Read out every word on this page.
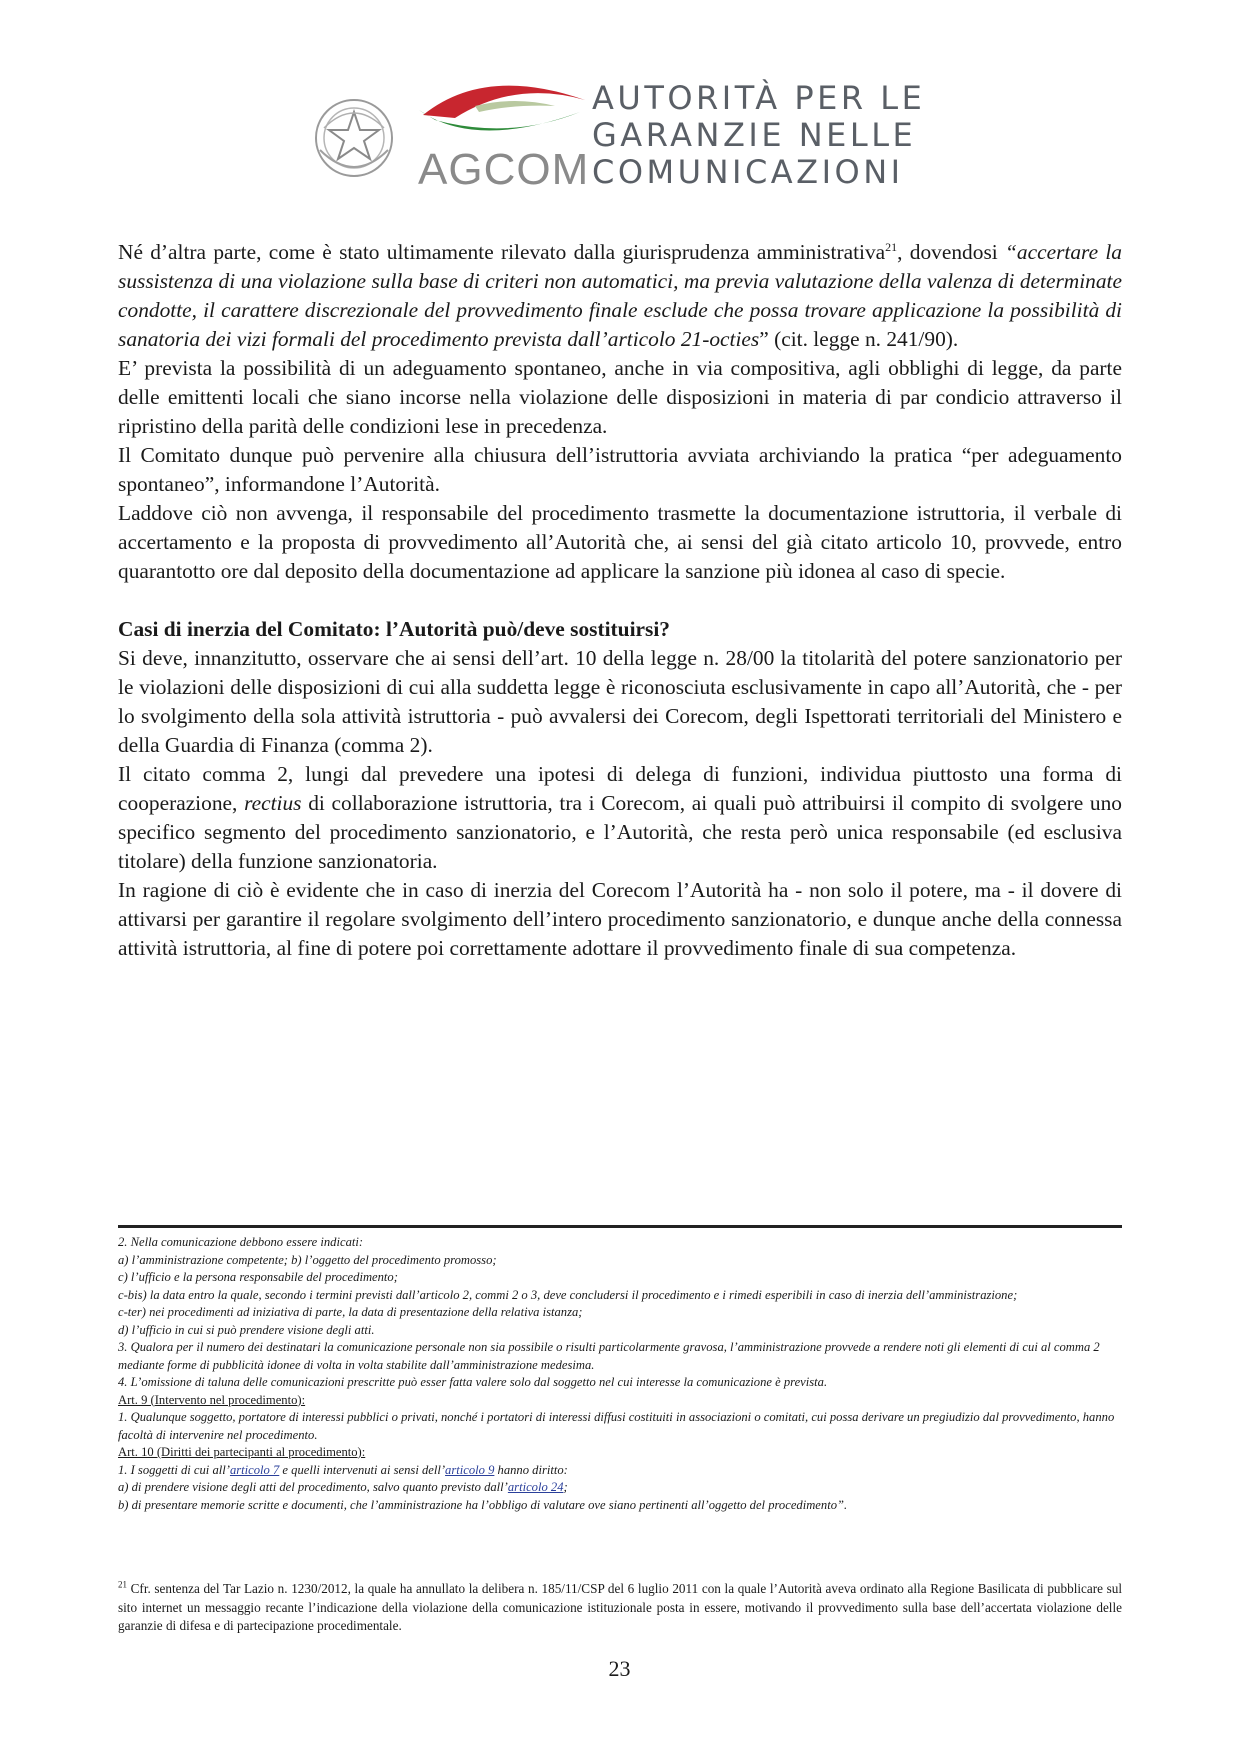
AGCOM
AUTORITÀ PER LE
GARANZIE NELLE
COMUNICAZIONI

Né d’altra parte, come è stato ultimamente rilevato dalla giurisprudenza amministrativa$^{21}$, dovendosi “accertare la sussistenza di una violazione sulla base di criteri non automatici, ma previa valutazione della valenza di determinate condotte, il carattere discrezionale del provvedimento finale esclude che possa trovare applicazione la possibilità di sanatoria dei vizi formali del procedimento prevista dall’articolo 21-octies” (cit. legge n. 241/90).

E’ prevista la possibilità di un adeguamento spontaneo, anche in via compositiva, agli obblighi di legge, da parte delle emittenti locali che siano incorse nella violazione delle disposizioni in materia di par condicio attraverso il ripristino della parità delle condizioni lese in precedenza.

Il Comitato dunque può pervenire alla chiusura dell’istruttoria avviata archiviando la pratica “per adeguamento spontaneo”, informandone l’Autorità.

Laddove ciò non avvenga, il responsabile del procedimento trasmette la documentazione istruttoria, il verbale di accertamento e la proposta di provvedimento all’Autorità che, ai sensi del già citato articolo 10, provvede, entro quarantotto ore dal deposito della documentazione ad applicare la sanzione più idonea al caso di specie.

Casi di inerzia del Comitato: l’Autorità può/deve sostituirsi?

Si deve, innanzitutto, osservare che ai sensi dell’art. 10 della legge n. 28/00 la titolarità del potere sanzionatorio per le violazioni delle disposizioni di cui alla suddetta legge è riconosciuta esclusivamente in capo all’Autorità, che - per lo svolgimento della sola attività istruttoria - può avvalersi dei Corecom, degli Ispettorati territoriali del Ministero e della Guardia di Finanza (comma 2).

Il citato comma 2, lungi dal prevedere una ipotesi di delega di funzioni, individua piuttosto una forma di cooperazione, rectius di collaborazione istruttoria, tra i Corecom, ai quali può attribuirsi il compito di svolgere uno specifico segmento del procedimento sanzionatorio, e l’Autorità, che resta però unica responsabile (ed esclusiva titolare) della funzione sanzionatoria.

In ragione di ciò è evidente che in caso di inerzia del Corecom l’Autorità ha - non solo il potere, ma - il dovere di attivarsi per garantire il regolare svolgimento dell’intero procedimento sanzionatorio, e dunque anche della connessa attività istruttoria, al fine di potere poi correttamente adottare il provvedimento finale di sua competenza.

2. Nella comunicazione debbono essere indicati:

a) l’amministrazione competente; b) l’oggetto del procedimento promosso;

c) l’ufficio e la persona responsabile del procedimento;

c-bis) la data entro la quale, secondo i termini previsti dall’articolo 2, commi 2 o 3, deve concludersi il procedimento e i rimedi esperibili in caso di inerzia dell’amministrazione;

c-ter) nei procedimenti ad iniziativa di parte, la data di presentazione della relativa istanza;

d) l’ufficio in cui si può prendere visione degli atti.

3. Qualora per il numero dei destinatari la comunicazione personale non sia possibile o risulti particolarmente gravosa, l’amministrazione provvede a rendere noti gli elementi di cui al comma 2 mediante forme di pubblicità idonee di volta in volta stabilite dall’amministrazione medesima.

4. L’omissione di taluna delle comunicazioni prescritte può esser fatta valere solo dal soggetto nel cui interesse la comunicazione è prevista.

Art. 9 (Intervento nel procedimento):

1. Qualunque soggetto, portatore di interessi pubblici o privati, nonché i portatori di interessi diffusi costituiti in associazioni o comitati, cui possa derivare un pregiudizio dal provvedimento, hanno facoltà di intervenire nel procedimento.

Art. 10 (Diritti dei partecipanti al procedimento):

1. I soggetti di cui all’articolo 7 e quelli intervenuti ai sensi dell’articolo 9 hanno diritto:

a) di prendere visione degli atti del procedimento, salvo quanto previsto dall’articolo 24;

b) di presentare memorie scritte e documenti, che l’amministrazione ha l’obbligo di valutare ove siano pertinenti all’oggetto del procedimento”.

$^{21}$ Cfr. sentenza del Tar Lazio n. 1230/2012, la quale ha annullato la delibera n. 185/11/CSP del 6 luglio 2011 con la quale l’Autorità aveva ordinato alla Regione Basilicata di pubblicare sul sito internet un messaggio recante l’indicazione della violazione della comunicazione istituzionale posta in essere, motivando il provvedimento sulla base dell’accertata violazione delle garanzie di difesa e di partecipazione procedimentale.
23
